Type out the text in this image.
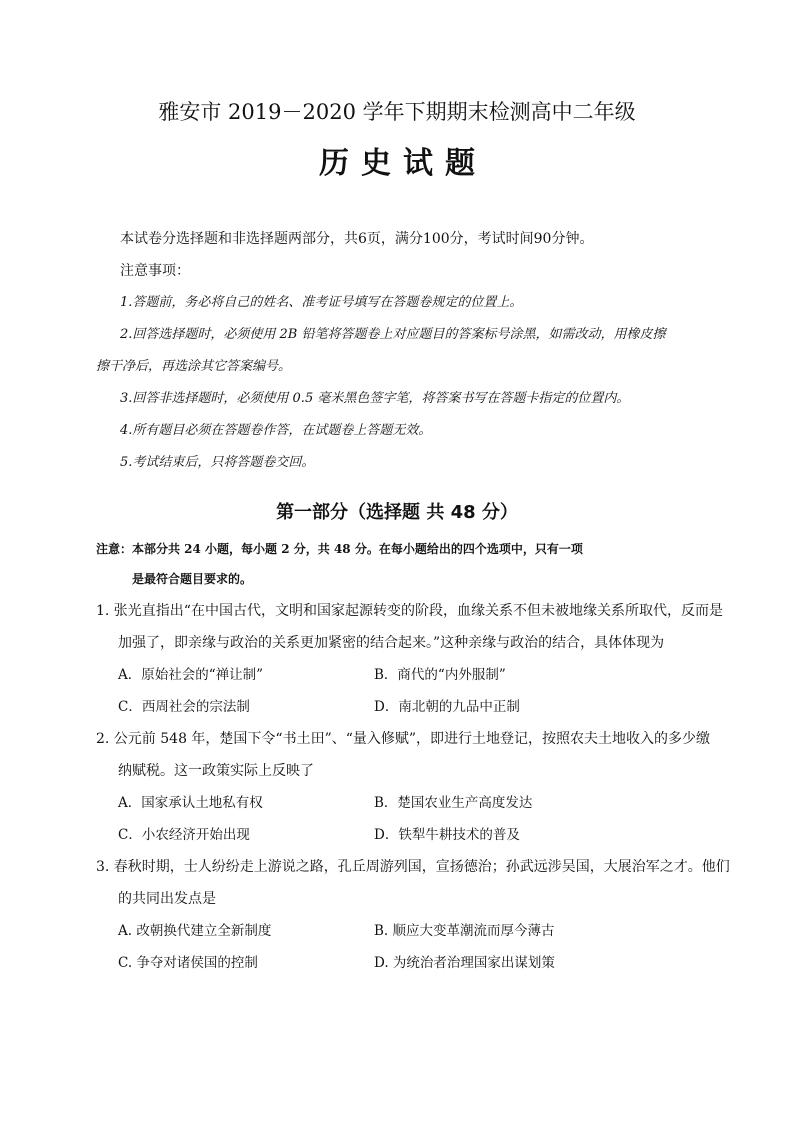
雅安市 2019－2020 学年下期期末检测高中二年级
历史试题
本试卷分选择题和非选择题两部分，共6页，满分100分，考试时间90分钟。
注意事项：
1.答题前，务必将自己的姓名、准考证号填写在答题卷规定的位置上。
2.回答选择题时，必须使用 2B 铅笔将答题卷上对应题目的答案标号涂黑，如需改动，用橡皮擦
擦干净后，再选涂其它答案编号。
3.回答非选择题时，必须使用 0.5 毫米黑色签字笔，将答案书写在答题卡指定的位置内。
4.所有题目必须在答题卷作答，在试题卷上答题无效。
5.考试结束后，只将答题卷交回。
第一部分（选择题 共 48 分）
注意：本部分共 24 小题，每小题 2 分，共 48 分。在每小题给出的四个选项中，只有一项
是最符合题目要求的。
1. 张光直指出“在中国古代，文明和国家起源转变的阶段，血缘关系不但未被地缘关系所取代，反而是
加强了，即亲缘与政治的关系更加紧密的结合起来。”这种亲缘与政治的结合，具体体现为
A．原始社会的“禅让制”	B．商代的“内外服制”
C．西周社会的宗法制	D．南北朝的九品中正制
2. 公元前 548 年，楚国下令“书土田”、“量入修赋”，即进行土地登记，按照农夫土地收入的多少缴
纳赋税。这一政策实际上反映了
A．国家承认土地私有权	B．楚国农业生产高度发达
C．小农经济开始出现	D．铁犁牛耕技术的普及
3. 春秋时期，士人纷纷走上游说之路，孔丘周游列国，宣扬德治；孙武远涉吴国，大展治军之才。他们
的共同出发点是
A. 改朝换代建立全新制度	B. 顺应大变革潮流而厚今薄古
C. 争夺对诸侯国的控制	D. 为统治者治理国家出谋划策
